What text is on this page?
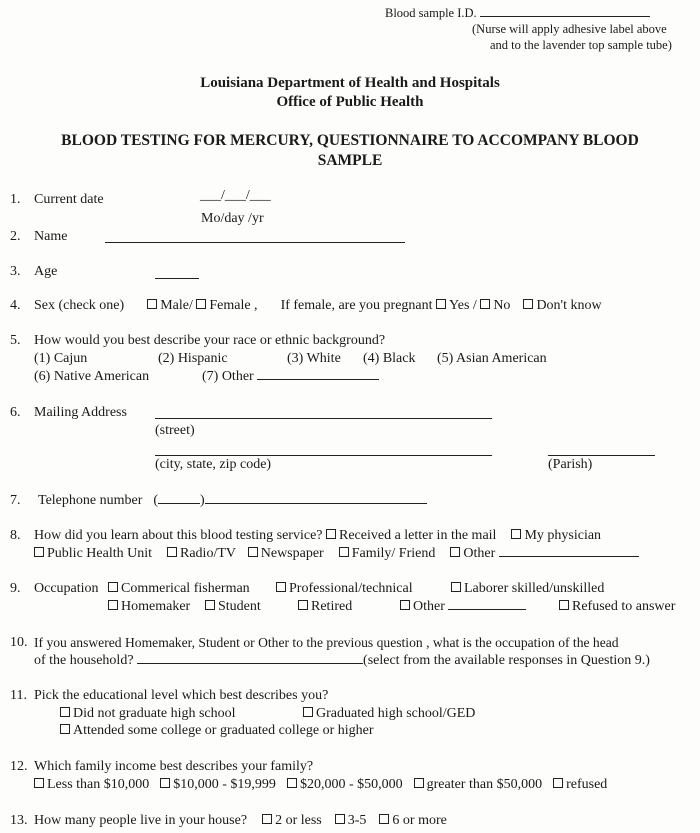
Blood sample I.D.
(Nurse will apply adhesive label above
and to the lavender top sample tube)
Louisiana Department of Health and Hospitals
Office of Public Health
BLOOD TESTING FOR MERCURY, QUESTIONNAIRE TO ACCOMPANY BLOOD
SAMPLE
1. Current date	___/___/___
Mo/day /yr
2. Name
3. Age
4. Sex (check one)	Male/ Female , If female, are you pregnant Yes / No Don't know
5. How would you best describe your race or ethnic background?
(1) Cajun	(2) Hispanic	(3) White (4) Black (5) Asian American
(6) Native American	(7) Other
6. Mailing Address
(street)
(city, state, zip code)	(Parish)
7. Telephone number (	)
8. How did you learn about this blood testing service? Received a letter in the mail My physician
Public Health Unit Radio/TV Newspaper Family/ Friend Other
9. Occupation	Commerical fisherman	Professional/technical	Laborer skilled/unskilled
Homemaker	Student	Retired	Other	Refused to answer
10. If you answered Homemaker, Student or Other to the previous question , what is the occupation of the head
of the household?	(select from the available responses in Question 9.)
11. Pick the educational level which best describes you?
Did not graduate high school	Graduated high school/GED
Attended some college or graduated college or higher
12. Which family income best describes your family?
Less than $10,000 $10,000 - $19,999 $20,000 - $50,000 greater than $50,000 refused
13. How many people live in your house? 2 or less 3-5 6 or more
